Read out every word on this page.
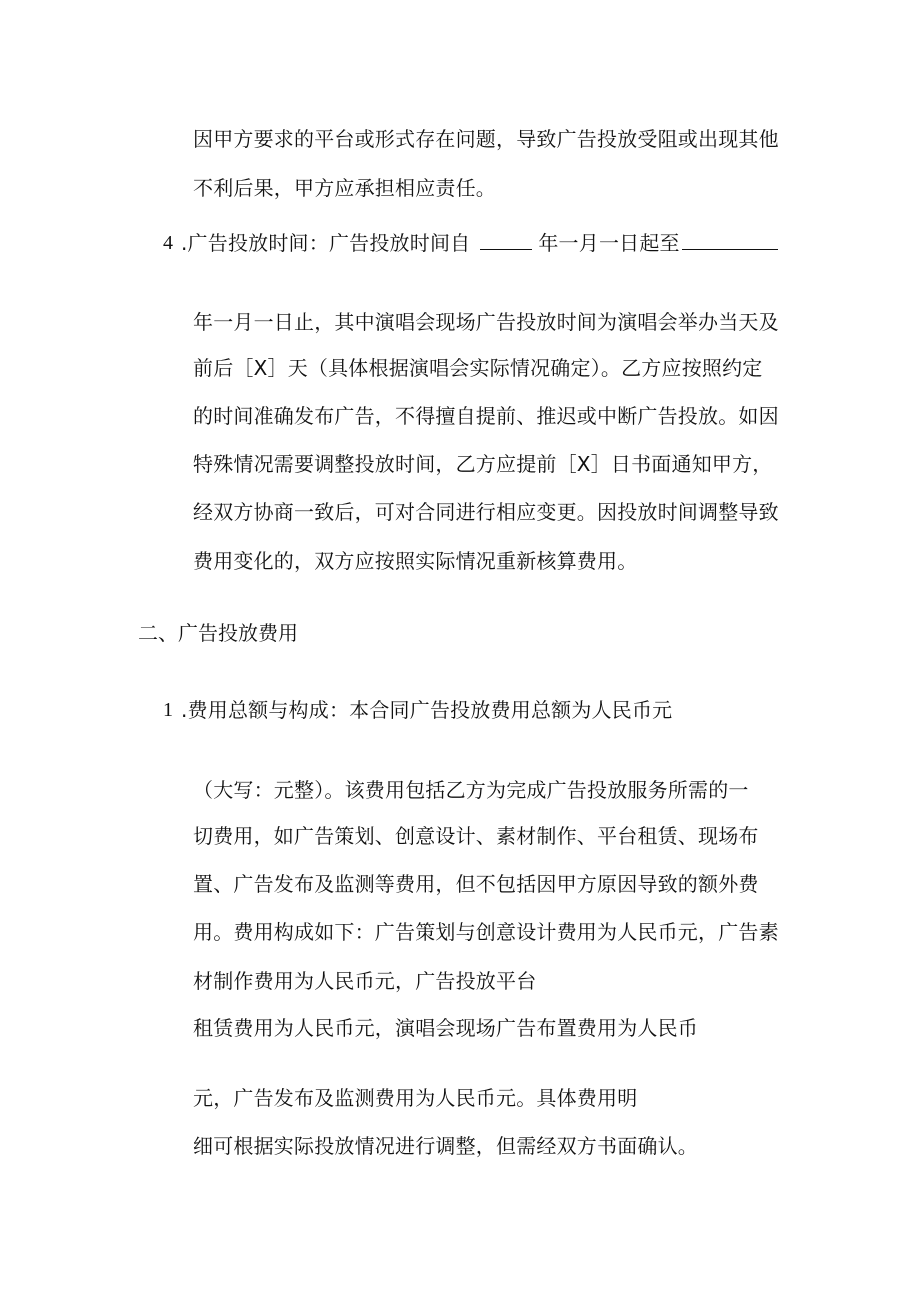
因甲方要求的平台或形式存在问题，导致广告投放受阻或出现其他
不利后果，甲方应承担相应责任。
4 .广告投放时间：广告投放时间自	年一月一日起至
年一月一日止，其中演唱会现场广告投放时间为演唱会举办当天及
前后［X］天（具体根据演唱会实际情况确定）。乙方应按照约定
的时间准确发布广告，不得擅自提前、推迟或中断广告投放。如因
特殊情况需要调整投放时间，乙方应提前［X］日书面通知甲方，
经双方协商一致后，可对合同进行相应变更。因投放时间调整导致
费用变化的，双方应按照实际情况重新核算费用。
二、广告投放费用
1 .费用总额与构成：本合同广告投放费用总额为人民币元
（大写：元整）。该费用包括乙方为完成广告投放服务所需的一
切费用，如广告策划、创意设计、素材制作、平台租赁、现场布
置、广告发布及监测等费用，但不包括因甲方原因导致的额外费
用。费用构成如下：广告策划与创意设计费用为人民币元，广告素
材制作费用为人民币元，广告投放平台
租赁费用为人民币元，演唱会现场广告布置费用为人民币
元，广告发布及监测费用为人民币元。具体费用明
细可根据实际投放情况进行调整，但需经双方书面确认。
